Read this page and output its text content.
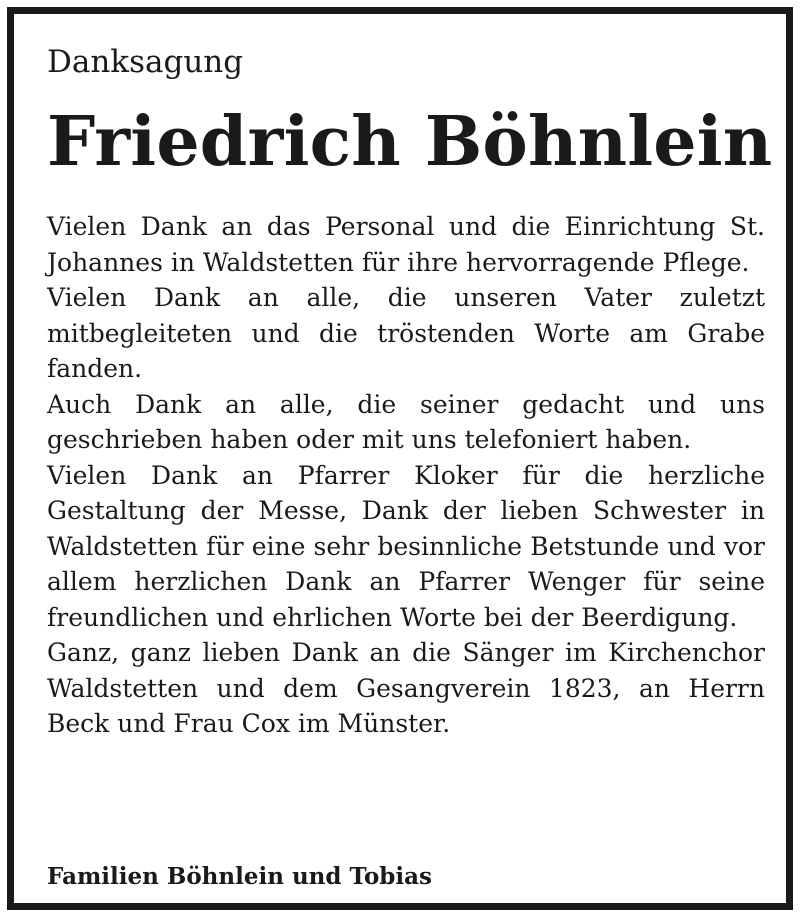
Danksagung
Friedrich Böhnlein

Vielen Dank an das Personal und die Einrichtung St. Johannes in Waldstetten für ihre hervorragende Pflege.

Vielen Dank an alle, die unseren Vater zuletzt mitbegleiteten und die tröstenden Worte am Grabe fanden.

Auch Dank an alle, die seiner gedacht und uns geschrieben haben oder mit uns telefoniert haben.

Vielen Dank an Pfarrer Kloker für die herzliche Gestaltung der Messe, Dank der lieben Schwester in Waldstetten für eine sehr besinnliche Betstunde und vor allem herzlichen Dank an Pfarrer Wenger für seine freundlichen und ehrlichen Worte bei der Beerdigung.

Ganz, ganz lieben Dank an die Sänger im Kirchenchor Waldstetten und dem Gesangverein 1823, an Herrn Beck und Frau Cox im Münster.

Familien Böhnlein und Tobias
